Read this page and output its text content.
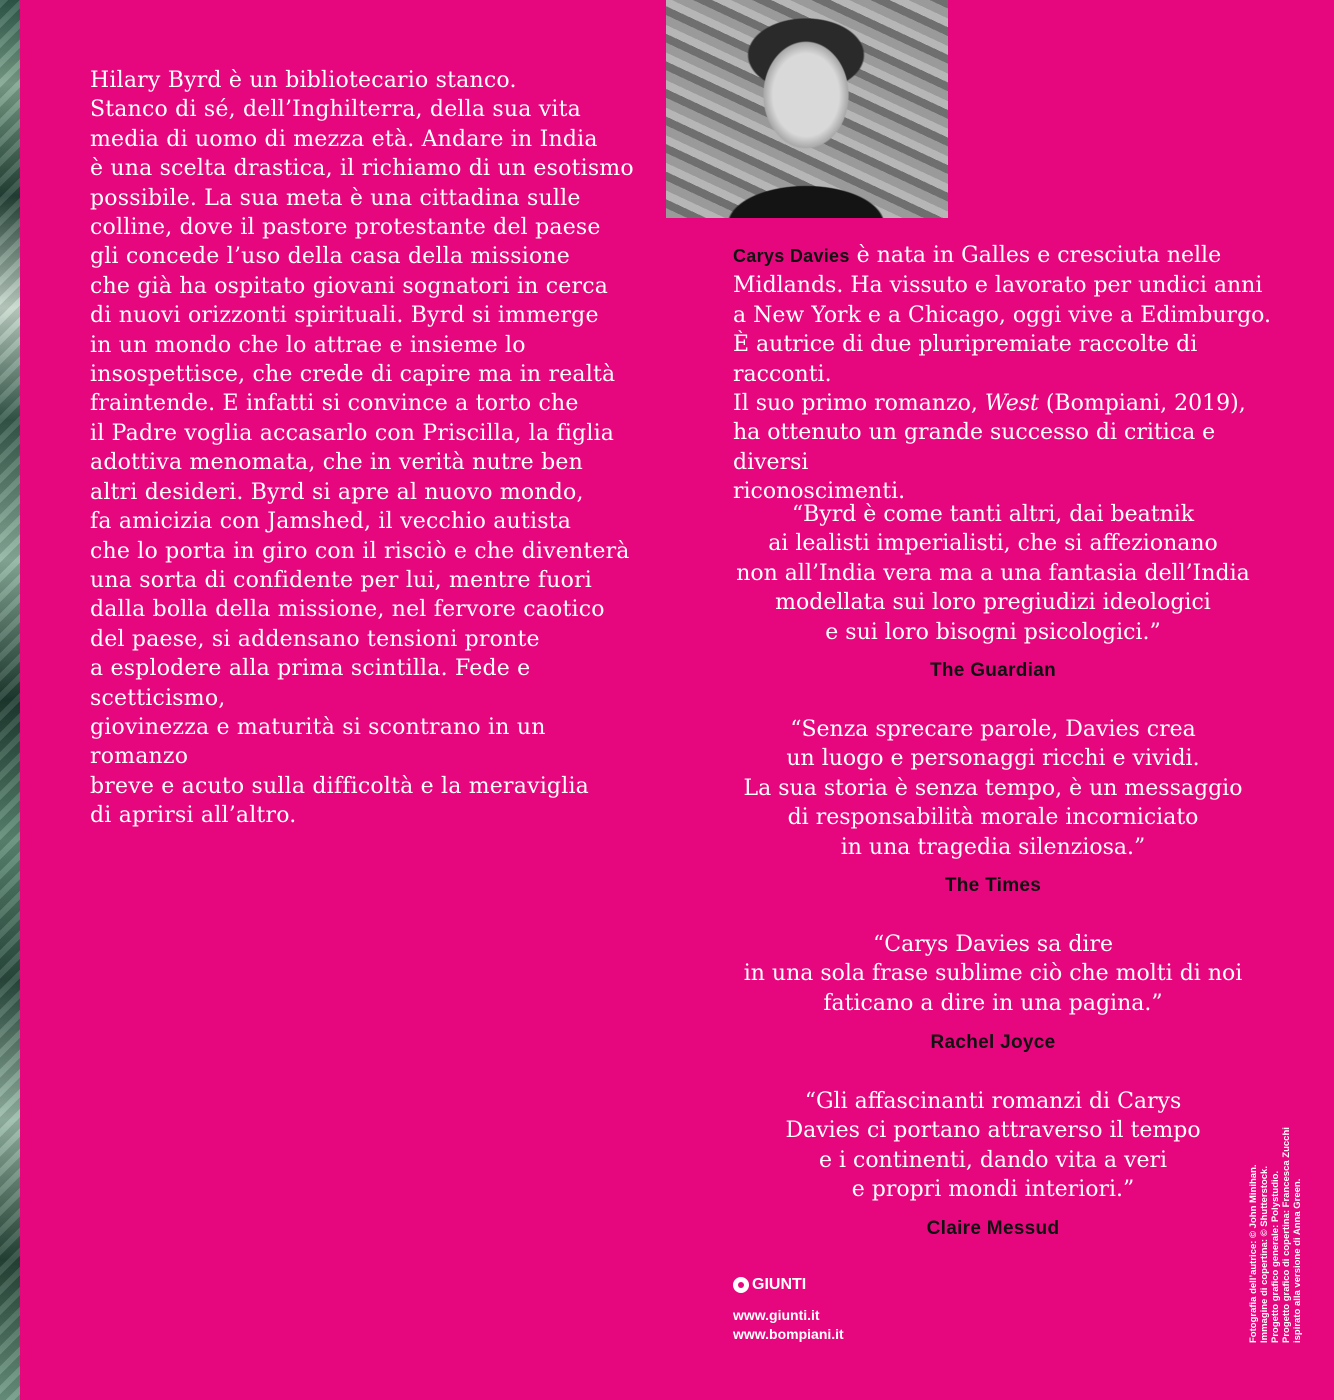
Hilary Byrd è un bibliotecario stanco.
Stanco di sé, dell’Inghilterra, della sua vita
media di uomo di mezza età. Andare in India
è una scelta drastica, il richiamo di un esotismo
possibile. La sua meta è una cittadina sulle
colline, dove il pastore protestante del paese
gli concede l’uso della casa della missione
che già ha ospitato giovani sognatori in cerca
di nuovi orizzonti spirituali. Byrd si immerge
in un mondo che lo attrae e insieme lo
insospettisce, che crede di capire ma in realtà
fraintende. E infatti si convince a torto che
il Padre voglia accasarlo con Priscilla, la figlia
adottiva menomata, che in verità nutre ben
altri desideri. Byrd si apre al nuovo mondo,
fa amicizia con Jamshed, il vecchio autista
che lo porta in giro con il risciò e che diventerà
una sorta di confidente per lui, mentre fuori
dalla bolla della missione, nel fervore caotico
del paese, si addensano tensioni pronte
a esplodere alla prima scintilla. Fede e scetticismo,
giovinezza e maturità si scontrano in un romanzo
breve e acuto sulla difficoltà e la meraviglia
di aprirsi all’altro.

Carys Davies è nata in Galles e cresciuta nelle
Midlands. Ha vissuto e lavorato per undici anni
a New York e a Chicago, oggi vive a Edimburgo.
È autrice di due pluripremiate raccolte di racconti.
Il suo primo romanzo, West (Bompiani, 2019),
ha ottenuto un grande successo di critica e diversi
riconoscimenti.

“Byrd è come tanti altri, dai beatnik
ai lealisti imperialisti, che si affezionano
non all’India vera ma a una fantasia dell’India
modellata sui loro pregiudizi ideologici
e sui loro bisogni psicologici.”

The Guardian

“Senza sprecare parole, Davies crea
un luogo e personaggi ricchi e vividi.
La sua storia è senza tempo, è un messaggio
di responsabilità morale incorniciato
in una tragedia silenziosa.”

The Times

“Carys Davies sa dire
in una sola frase sublime ciò che molti di noi
faticano a dire in una pagina.”

Rachel Joyce

“Gli affascinanti romanzi di Carys
Davies ci portano attraverso il tempo
e i continenti, dando vita a veri
e propri mondi interiori.”

Claire Messud

GIUNTI

www.giunti.it

www.bompiani.it	Fotografia dell’autrice: © John Minihan.
Immagine di copertina: © Shutterstock.
Progetto grafico generale: Polystudio.
Progetto grafico di copertina: Francesca Zucchi
ispirato alla versione di Anna Green.
